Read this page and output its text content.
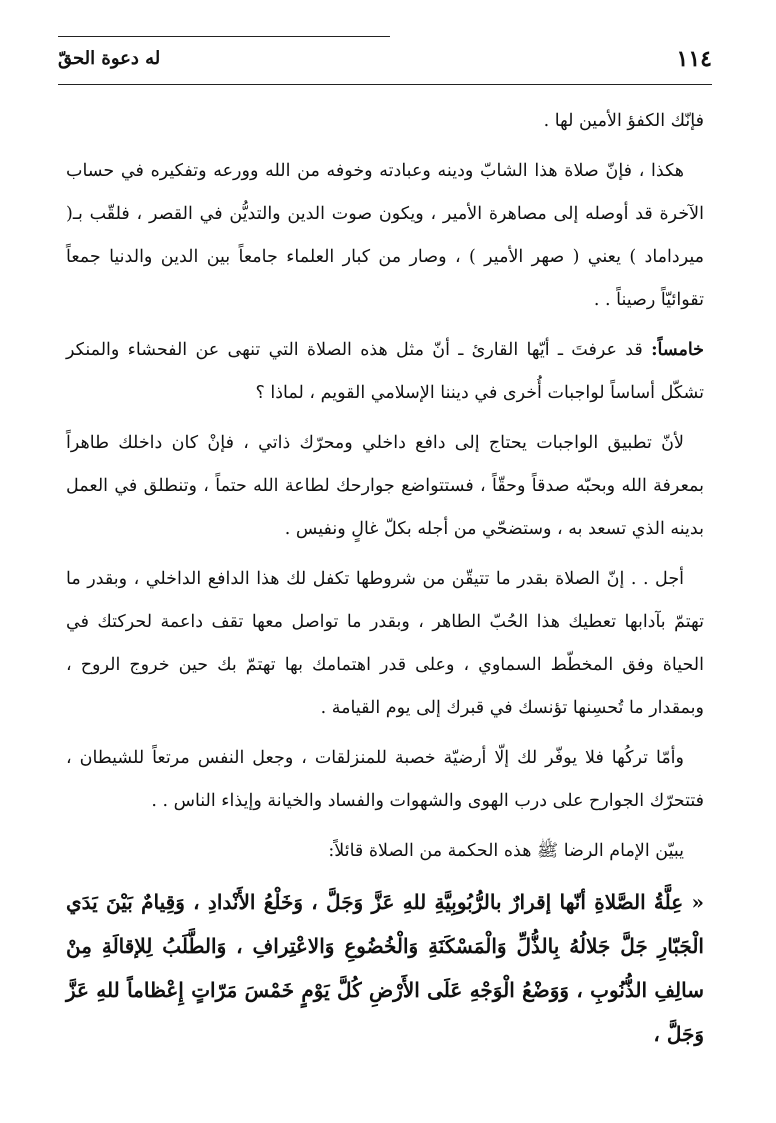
١١٤
له دعوة الحقّ

فإنّك الكفؤ الأمين لها .

هكذا ، فإنّ صلاة هذا الشابّ ودينه وعبادته وخوفه من الله وورعه وتفكيره في حساب الآخرة قد أوصله إلى مصاهرة الأمير ، ويكون صوت الدين والتديُّن في القصر ، فلقّب بـ( ميرداماد ) يعني ( صهر الأمير ) ، وصار من كبار العلماء جامعاً بين الدين والدنيا جمعاً تقوائيّاً رصيناً . .

خامساً: قد عرفتَ ـ أيّها القارئ ـ أنّ مثل هذه الصلاة التي تنهى عن الفحشاء والمنكر تشكّل أساساً لواجبات أُخرى في ديننا الإسلامي القويم ، لماذا ؟

لأنّ تطبيق الواجبات يحتاج إلى دافع داخلي ومحرّك ذاتي ، فإنْ كان داخلك طاهراً بمعرفة الله وبحبّه صدقاً وحقّاً ، فستتواضع جوارحك لطاعة الله حتماً ، وتنطلق في العمل بدينه الذي تسعد به ، وستضحّي من أجله بكلّ غالٍ ونفيس .

أجل . . إنّ الصلاة بقدر ما تتيقّن من شروطها تكفل لك هذا الدافع الداخلي ، وبقدر ما تهتمّ بآدابها تعطيك هذا الحُبّ الطاهر ، وبقدر ما تواصل معها تقف داعمة لحركتك في الحياة وفق المخطّط السماوي ، وعلى قدر اهتمامك بها تهتمّ بك حين خروج الروح ، وبمقدار ما تُحسِنها تؤنسك في قبرك إلى يوم القيامة .

وأمّا تركُها فلا يوفّر لك إلّا أرضيّة خصبة للمنزلقات ، وجعل النفس مرتعاً للشيطان ، فتتحرّك الجوارح على درب الهوى والشهوات والفساد والخيانة وإيذاء الناس . .

يبيّن الإمام الرضا ﷺ هذه الحكمة من الصلاة قائلاً:

« عِلَّةُ الصَّلاةِ أنّها إقرارٌ بالرُّبُوبِيَّةِ للهِ عَزَّ وَجَلَّ ، وَخَلْعُ الأَنْدادِ ، وَقِيامٌ بَيْنَ يَدَي الْجَبّارِ جَلَّ جَلالُهُ بِالذُّلِّ وَالْمَسْكَنَةِ وَالْخُضُوعِ وَالاعْتِرافِ ، وَالطَّلَبُ لِلإقالَةِ مِنْ سالِفِ الذُّنُوبِ ، وَوَضْعُ الْوَجْهِ عَلَى الأَرْضِ كُلَّ يَوْمٍ خَمْسَ مَرّاتٍ إِعْظاماً للهِ عَزَّ وَجَلَّ ،
